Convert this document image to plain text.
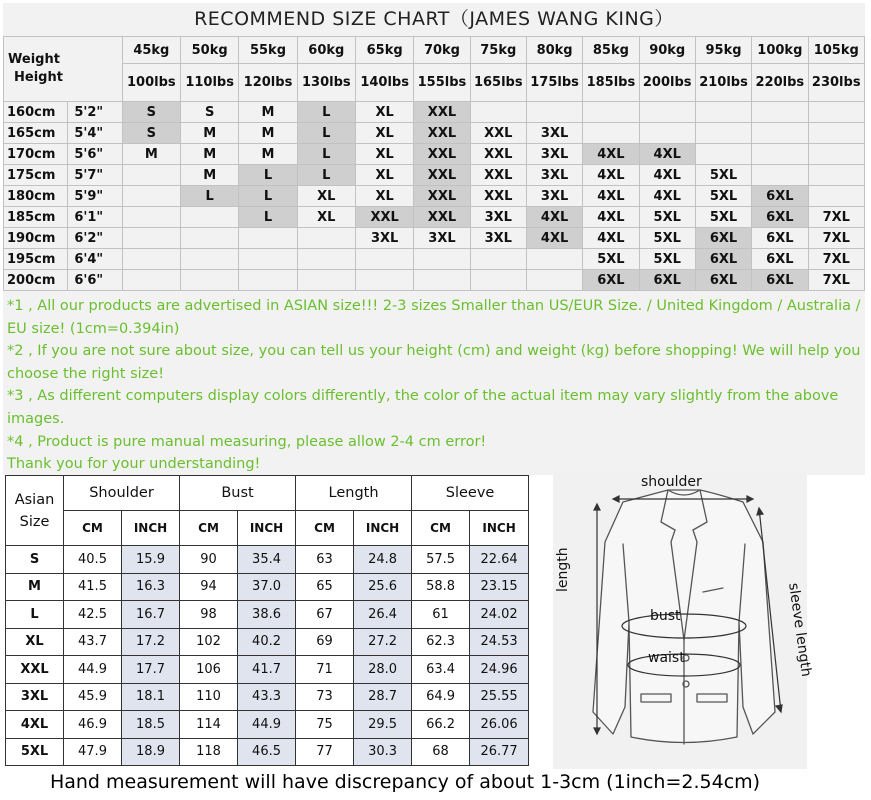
RECOMMEND SIZE CHART（JAMES WANG KING）
Weight
Height		45kg	50kg	55kg	60kg	65kg	70kg	75kg	80kg	85kg	90kg	95kg	100kg	105kg
		100lbs	110lbs	120lbs	130lbs	140lbs	155lbs	165lbs	175lbs	185lbs	200lbs	210lbs	220lbs	230lbs
160cm	5'2"	S	S	M	L	XL	XXL							
165cm	5'4"	S	M	M	L	XL	XXL	XXL	3XL					
170cm	5'6"	M	M	M	L	XL	XXL	XXL	3XL	4XL	4XL			
175cm	5'7"		M	L	L	XL	XXL	XXL	3XL	4XL	4XL	5XL		
180cm	5'9"		L	L	XL	XL	XXL	XXL	3XL	4XL	4XL	5XL	6XL	
185cm	6'1"			L	XL	XXL	XXL	3XL	4XL	4XL	5XL	5XL	6XL	7XL
190cm	6'2"					3XL	3XL	3XL	4XL	4XL	5XL	6XL	6XL	7XL
195cm	6'4"									5XL	5XL	6XL	6XL	7XL
200cm	6'6"									6XL	6XL	6XL	6XL	7XL

*1 , All our products are advertised in ASIAN size!!! 2-3 sizes Smaller than US/EUR Size. / United Kingdom / Australia / EU size! (1cm=0.394in)

*2 , If you are not sure about size, you can tell us your height (cm) and weight (kg) before shopping! We will help you choose the right size!

*3 , As different computers display colors differently, the color of the actual item may vary slightly from the above images.

*4 , Product is pure manual measuring, please allow 2-4 cm error!

Thank you for your understanding!

Asian
Size	Shoulder		Bust		Length		Sleeve	
	CM	INCH	CM	INCH	CM	INCH	CM	INCH
S	40.5	15.9	90	35.4	63	24.8	57.5	22.64
M	41.5	16.3	94	37.0	65	25.6	58.8	23.15
L	42.5	16.7	98	38.6	67	26.4	61	24.02
XL	43.7	17.2	102	40.2	69	27.2	62.3	24.53
XXL	44.9	17.7	106	41.7	71	28.0	63.4	24.96
3XL	45.9	18.1	110	43.3	73	28.7	64.9	25.55
4XL	46.9	18.5	114	44.9	75	29.5	66.2	26.06
5XL	47.9	18.9	118	46.5	77	30.3	68	26.77
shoulder
length
bust
waist	sleeve length
Hand measurement will have discrepancy of about 1-3cm (1inch=2.54cm)
